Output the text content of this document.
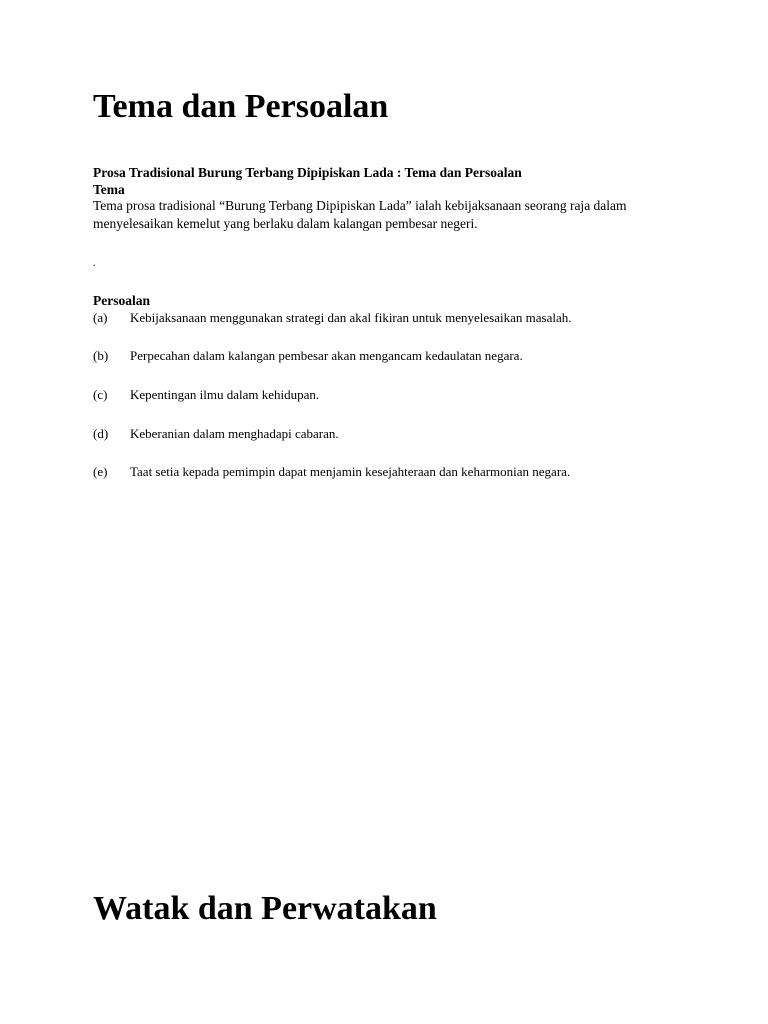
Tema dan Persoalan
Prosa Tradisional Burung Terbang Dipipiskan Lada : Tema dan Persoalan
Tema
Tema prosa tradisional “Burung Terbang Dipipiskan Lada” ialah kebijaksanaan seorang raja dalam menyelesaikan kemelut yang berlaku dalam kalangan pembesar negeri.
.
Persoalan
(a) Kebijaksanaan menggunakan strategi dan akal fikiran untuk menyelesaikan masalah.
(b) Perpecahan dalam kalangan pembesar akan mengancam kedaulatan negara.
(c) Kepentingan ilmu dalam kehidupan.
(d) Keberanian dalam menghadapi cabaran.
(e) Taat setia kepada pemimpin dapat menjamin kesejahteraan dan keharmonian negara.
Watak dan Perwatakan
